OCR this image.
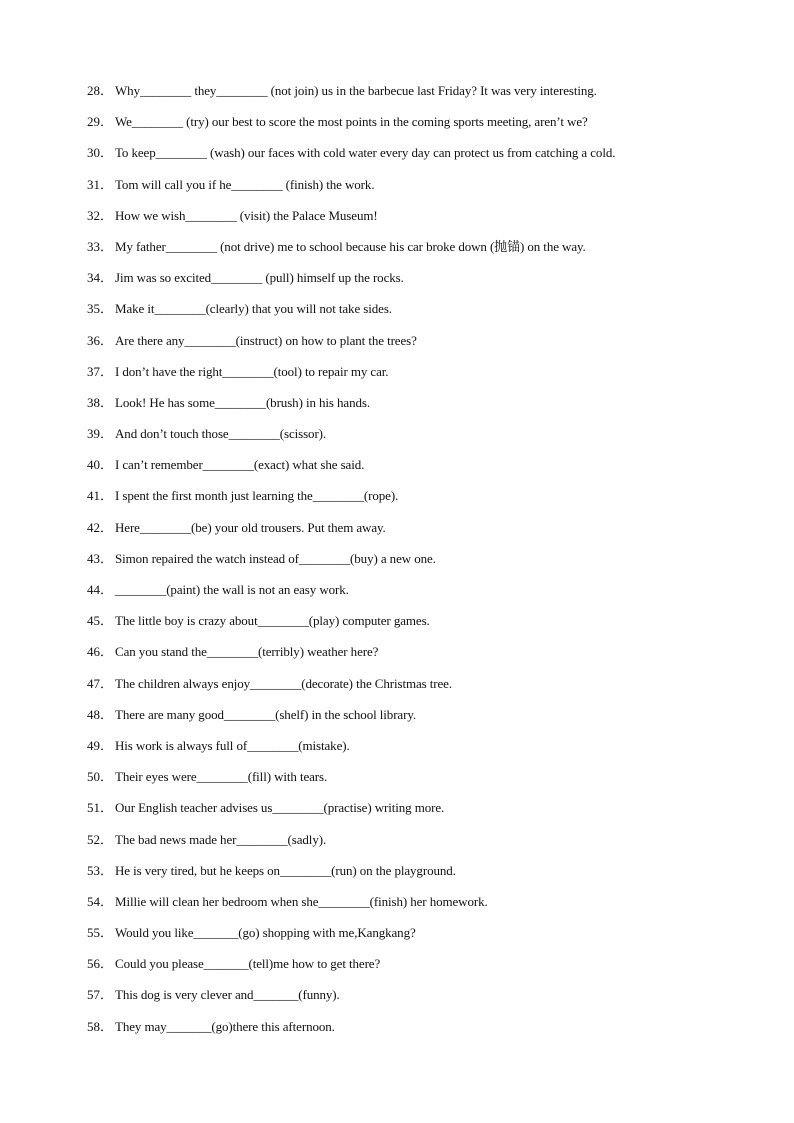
28． Why________ they________ (not join) us in the barbecue last Friday? It was very interesting.
29． We________ (try) our best to score the most points in the coming sports meeting, aren’t we?
30． To keep________ (wash) our faces with cold water every day can protect us from catching a cold.
31． Tom will call you if he________ (finish) the work.
32． How we wish________ (visit) the Palace Museum!
33． My father________ (not drive) me to school because his car broke down (抛锚) on the way.
34． Jim was so excited________ (pull) himself up the rocks.
35． Make it________(clearly) that you will not take sides.
36． Are there any________(instruct) on how to plant the trees?
37． I don’t have the right________(tool) to repair my car.
38． Look! He has some________(brush) in his hands.
39． And don’t touch those________(scissor).
40． I can’t remember________(exact) what she said.
41． I spent the first month just learning the________(rope).
42． Here________(be) your old trousers. Put them away.
43． Simon repaired the watch instead of________(buy) a new one.
44． ________(paint) the wall is not an easy work.
45． The little boy is crazy about________(play) computer games.
46． Can you stand the________(terribly) weather here?
47． The children always enjoy________(decorate) the Christmas tree.
48． There are many good________(shelf) in the school library.
49． His work is always full of________(mistake).
50． Their eyes were________(fill) with tears.
51． Our English teacher advises us________(practise) writing more.
52． The bad news made her________(sadly).
53． He is very tired, but he keeps on________(run) on the playground.
54． Millie will clean her bedroom when she________(finish) her homework.
55． Would you like_______(go) shopping with me,Kangkang?
56． Could you please_______(tell)me how to get there?
57． This dog is very clever and_______(funny).
58． They may_______(go)there this afternoon.
